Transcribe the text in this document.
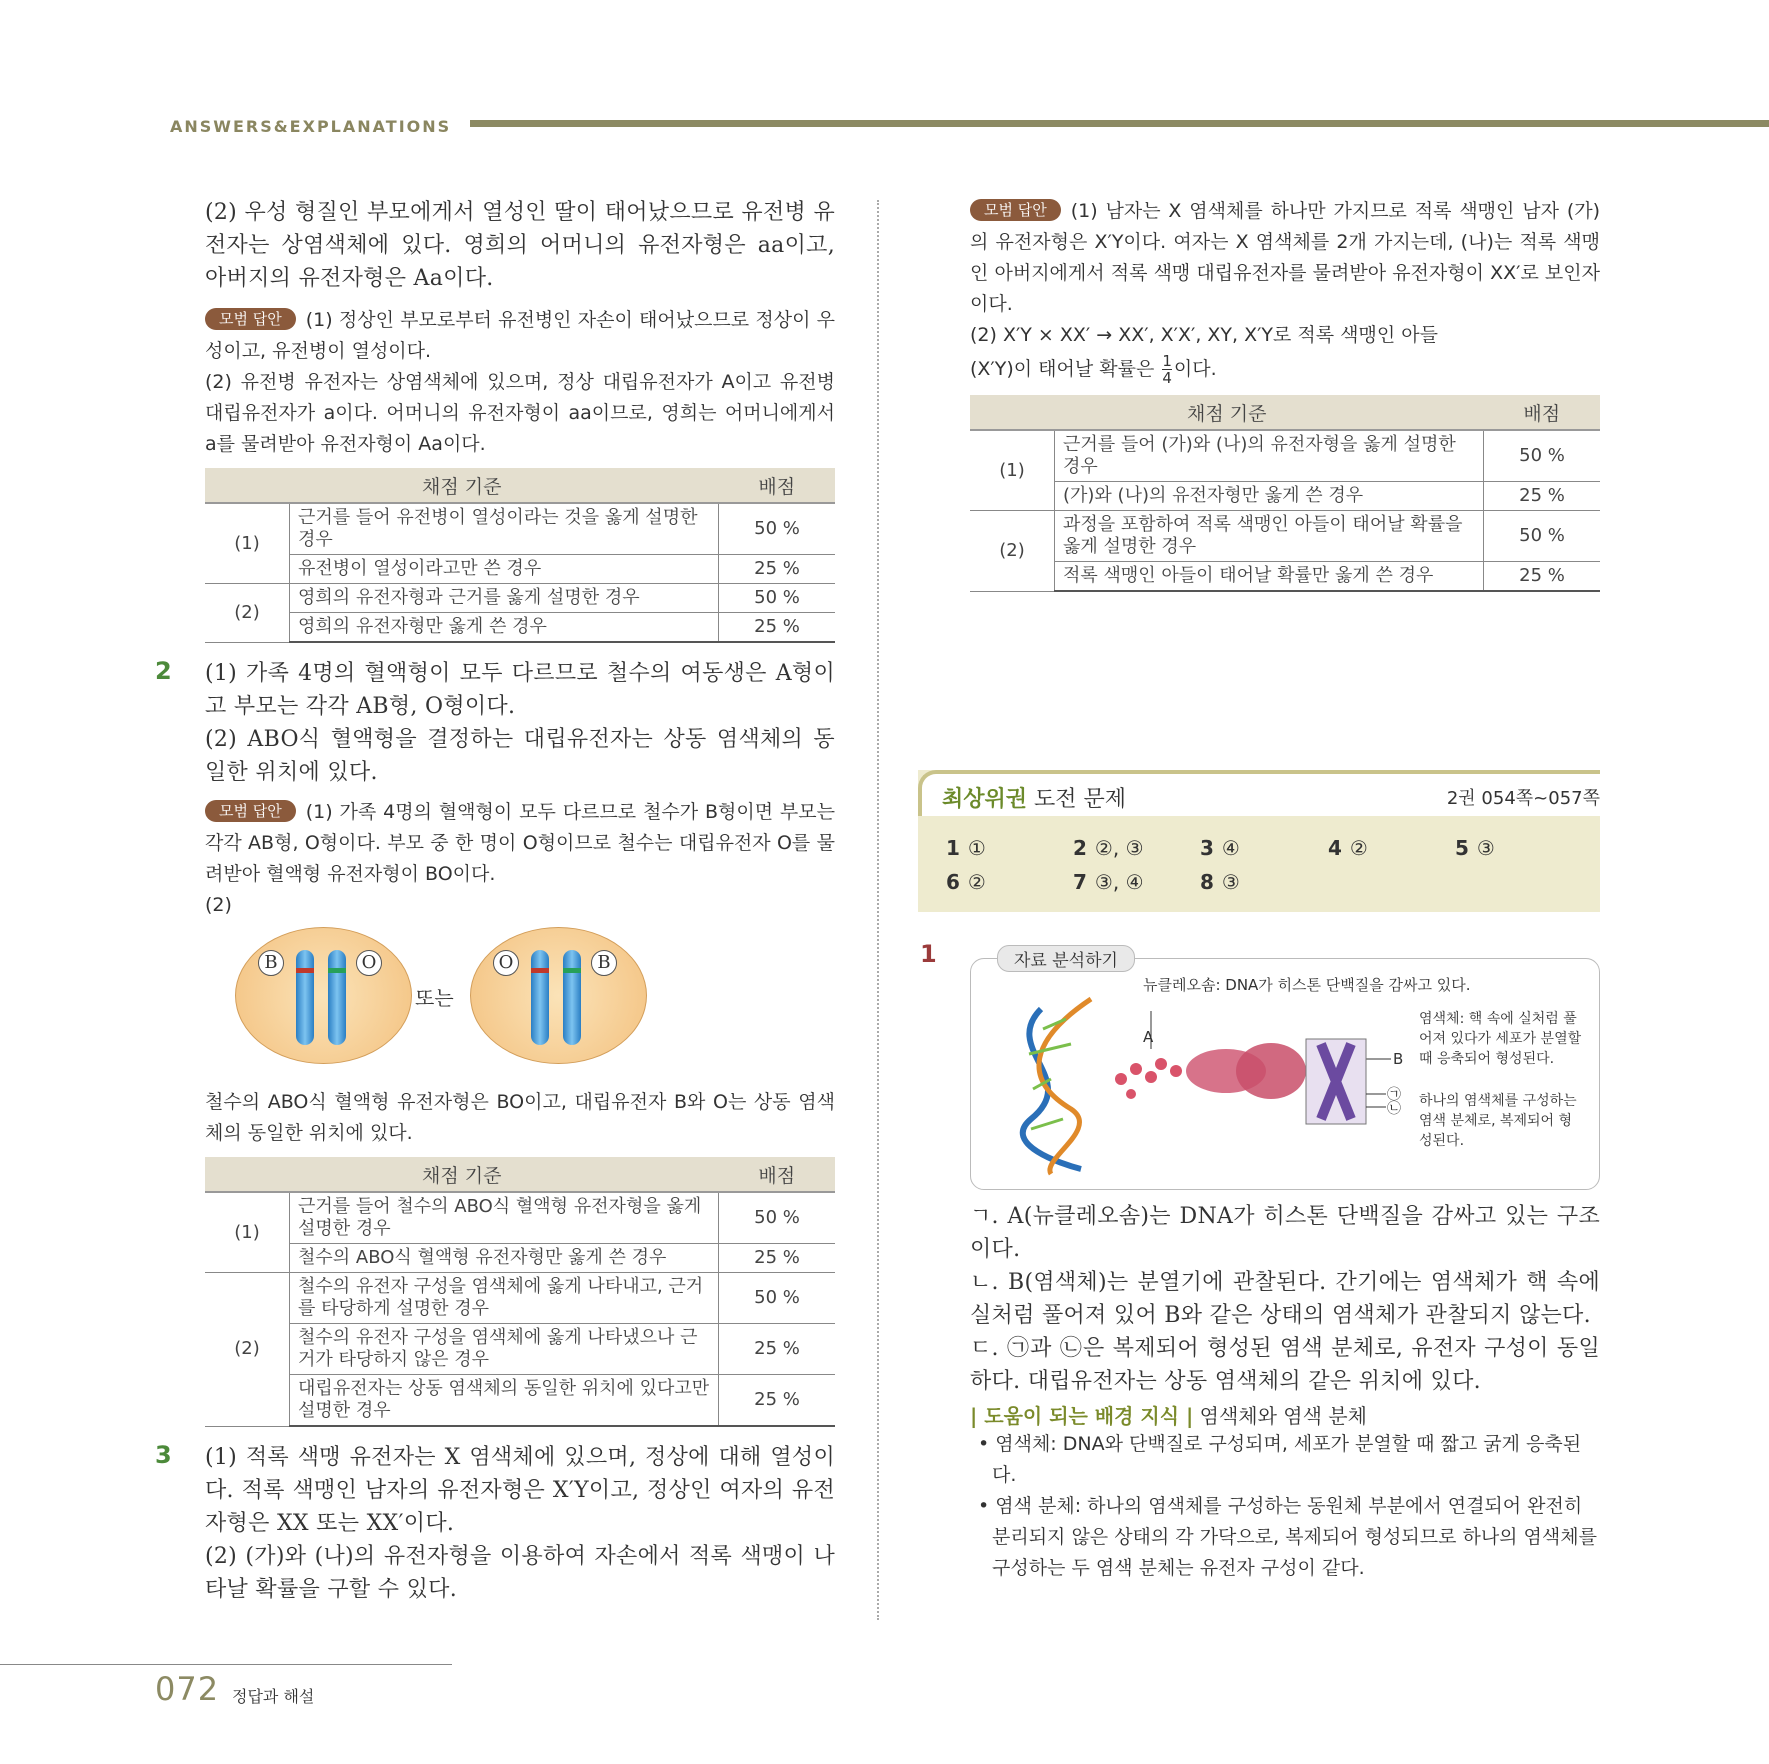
ANSWERS&EXPLANATIONS
(2) 우성 형질인 부모에게서 열성인 딸이 태어났으므로 유전병 유전자는 상염색체에 있다. 영희의 어머니의 유전자형은 aa이고, 아버지의 유전자형은 Aa이다.
모범 답안 (1) 정상인 부모로부터 유전병인 자손이 태어났으므로 정상이 우성이고, 유전병이 열성이다.
(2) 유전병 유전자는 상염색체에 있으며, 정상 대립유전자가 A이고 유전병 대립유전자가 a이다. 어머니의 유전자형이 aa이므로, 영희는 어머니에게서 a를 물려받아 유전자형이 Aa이다.
채점 기준		배점
(1)	근거를 들어 유전병이 열성이라는 것을 옳게 설명한 경우	50 %
	유전병이 열성이라고만 쓴 경우	25 %
(2)	영희의 유전자형과 근거를 옳게 설명한 경우	50 %
	영희의 유전자형만 옳게 쓴 경우	25 %
2 (1) 가족 4명의 혈액형이 모두 다르므로 철수의 여동생은 A형이고 부모는 각각 AB형, O형이다.
(2) ABO식 혈액형을 결정하는 대립유전자는 상동 염색체의 동일한 위치에 있다.
모범 답안 (1) 가족 4명의 혈액형이 모두 다르므로 철수가 B형이면 부모는 각각 AB형, O형이다. 부모 중 한 명이 O형이므로 철수는 대립유전자 O를 물려받아 혈액형 유전자형이 BO이다.
(2)
B	O
또는
O	B
철수의 ABO식 혈액형 유전자형은 BO이고, 대립유전자 B와 O는 상동 염색체의 동일한 위치에 있다.
채점 기준		배점
(1)	근거를 들어 철수의 ABO식 혈액형 유전자형을 옳게 설명한 경우	50 %
	철수의 ABO식 혈액형 유전자형만 옳게 쓴 경우	25 %
(2)	철수의 유전자 구성을 염색체에 옳게 나타내고, 근거를 타당하게 설명한 경우	50 %
	철수의 유전자 구성을 염색체에 옳게 나타냈으나 근거가 타당하지 않은 경우	25 %
	대립유전자는 상동 염색체의 동일한 위치에 있다고만 설명한 경우	25 %
3 (1) 적록 색맹 유전자는 X 염색체에 있으며, 정상에 대해 열성이다. 적록 색맹인 남자의 유전자형은 X′Y이고, 정상인 여자의 유전자형은 XX 또는 XX′이다.
(2) (가)와 (나)의 유전자형을 이용하여 자손에서 적록 색맹이 나타날 확률을 구할 수 있다.
모범 답안 (1) 남자는 X 염색체를 하나만 가지므로 적록 색맹인 남자 (가)의 유전자형은 X′Y이다. 여자는 X 염색체를 2개 가지는데, (나)는 적록 색맹인 아버지에게서 적록 색맹 대립유전자를 물려받아 유전자형이 XX′로 보인자이다.
(2) X′Y × XX′ → XX′, X′X′, XY, X′Y로 적록 색맹인 아들
(X′Y)이 태어날 확률은 $\frac{1}{4}$ 이다.
채점 기준		배점
(1)	근거를 들어 (가)와 (나)의 유전자형을 옳게 설명한 경우	50 %
	(가)와 (나)의 유전자형만 옳게 쓴 경우	25 %
(2)	과정을 포함하여 적록 색맹인 아들이 태어날 확률을 옳게 설명한 경우	50 %
	적록 색맹인 아들이 태어날 확률만 옳게 쓴 경우	25 %
1 ①	2 ②, ③	3 ④	4 ②	5 ③
6 ②	7 ③, ④	8 ③
최상위권 도전 문제	2권 054쪽~057쪽
1	자료 분석하기
뉴클레오솜: DNA가 히스톤 단백질을 감싸고 있다.
A
B
염색체: 핵 속에 실처럼 풀어져 있다가 세포가 분열할 때 응축되어 형성된다.
㉠
㉡ 하나의 염색체를 구성하는 염색 분체로, 복제되어 형성된다.
ㄱ. A(뉴클레오솜)는 DNA가 히스톤 단백질을 감싸고 있는 구조이다.
ㄴ. B(염색체)는 분열기에 관찰된다. 간기에는 염색체가 핵 속에 실처럼 풀어져 있어 B와 같은 상태의 염색체가 관찰되지 않는다.
ㄷ. ㉠과 ㉡은 복제되어 형성된 염색 분체로, 유전자 구성이 동일하다. 대립유전자는 상동 염색체의 같은 위치에 있다.
| 도움이 되는 배경 지식 | 염색체와 염색 분체
• 염색체: DNA와 단백질로 구성되며, 세포가 분열할 때 짧고 굵게 응축된다.
• 염색 분체: 하나의 염색체를 구성하는 동원체 부분에서 연결되어 완전히 분리되지 않은 상태의 각 가닥으로, 복제되어 형성되므로 하나의 염색체를 구성하는 두 염색 분체는 유전자 구성이 같다.
072 정답과 해설
